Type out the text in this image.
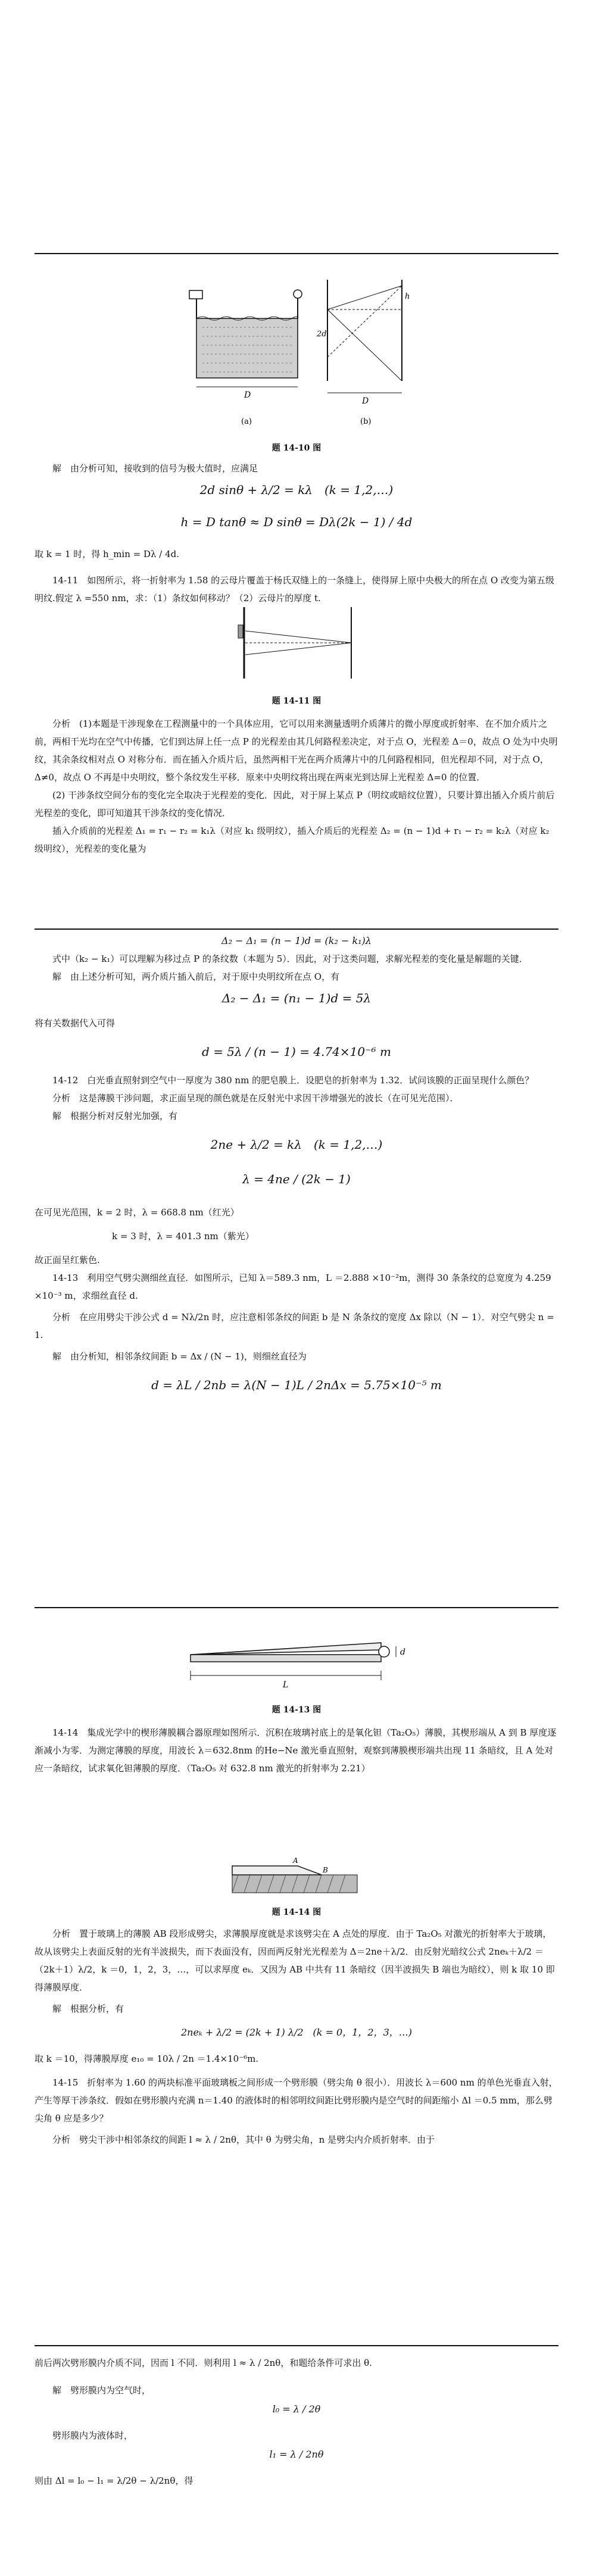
D
(a)
2d
h
D
(b)

题 14-10 图

解　由分析可知，接收到的信号为极大值时，应满足

2d sinθ + λ/2 = kλ　(k = 1,2,…)

h = D tanθ ≈ D sinθ = Dλ(2k − 1) / 4d

取 k = 1 时，得 h_min = Dλ / 4d.

14-11　如图所示，将一折射率为 1.58 的云母片覆盖于杨氏双缝上的一条缝上，使得屏上原中央极大的所在点 O 改变为第五级明纹.假定 λ =550 nm，求：（1）条纹如何移动？（2）云母片的厚度 t.

题 14-11 图

分析　(1)本题是干涉现象在工程测量中的一个具体应用，它可以用来测量透明介质薄片的微小厚度或折射率．在不加介质片之前，两相干光均在空气中传播，它们到达屏上任一点 P 的光程差由其几何路程差决定，对于点 O，光程差 Δ＝0，故点 O 处为中央明纹，其余条纹相对点 O 对称分布．而在插入介质片后，虽然两相干光在两介质薄片中的几何路程相同，但光程却不同，对于点 O，Δ≠0，故点 O 不再是中央明纹，整个条纹发生平移．原来中央明纹将出现在两束光到达屏上光程差 Δ=0 的位置．

(2) 干涉条纹空间分布的变化完全取决于光程差的变化．因此，对于屏上某点 P（明纹或暗纹位置），只要计算出插入介质片前后光程差的变化，即可知道其干涉条纹的变化情况．

插入介质前的光程差 Δ₁ = r₁ − r₂ = k₁λ（对应 k₁ 级明纹），插入介质后的光程差 Δ₂ = (n − 1)d + r₁ − r₂ = k₂λ（对应 k₂ 级明纹），光程差的变化量为

Δ₂ − Δ₁ = (n − 1)d = (k₂ − k₁)λ

式中（k₂ − k₁）可以理解为移过点 P 的条纹数（本题为 5）．因此，对于这类问题，求解光程差的变化量是解题的关键．

解　由上述分析可知，两介质片插入前后，对于原中央明纹所在点 O，有

Δ₂ − Δ₁ = (n₁ − 1)d = 5λ

将有关数据代入可得

d = 5λ / (n − 1) = 4.74×10⁻⁶ m

14-12　白光垂直照射到空气中一厚度为 380 nm 的肥皂膜上．设肥皂的折射率为 1.32．试问该膜的正面呈现什么颜色？

分析　这是薄膜干涉问题，求正面呈现的颜色就是在反射光中求因干涉增强光的波长（在可见光范围）．

解　根据分析对反射光加强，有

2ne + λ/2 = kλ　(k = 1,2,…)

λ = 4ne / (2k − 1)

在可见光范围，k = 2 时，λ = 668.8 nm（红光）

k = 3 时，λ = 401.3 nm（紫光）

故正面呈红紫色.

14-13　利用空气劈尖测细丝直径．如图所示，已知 λ＝589.3 nm，L ＝2.888 ×10⁻²m，测得 30 条条纹的总宽度为 4.259 ×10⁻³ m，求细丝直径 d.

分析　在应用劈尖干涉公式 d = Nλ/2n 时，应注意相邻条纹的间距 b 是 N 条条纹的宽度 Δx 除以（N − 1）．对空气劈尖 n = 1.

解　由分析知，相邻条纹间距 b = Δx / (N − 1)，则细丝直径为

d = λL / 2nb = λ(N − 1)L / 2nΔx = 5.75×10⁻⁵ m

d
L

题 14-13 图

14-14　集成光学中的楔形薄膜耦合器原理如图所示．沉积在玻璃衬底上的是氧化钽（Ta₂O₅）薄膜，其楔形端从 A 到 B 厚度逐渐减小为零．为测定薄膜的厚度，用波长 λ＝632.8nm 的He−Ne 激光垂直照射，观察到薄膜楔形端共出现 11 条暗纹，且 A 处对应一条暗纹，试求氧化钽薄膜的厚度．（Ta₂O₅ 对 632.8 nm 激光的折射率为 2.21）

A
B

题 14-14 图

分析　置于玻璃上的薄膜 AB 段形成劈尖，求薄膜厚度就是求该劈尖在 A 点处的厚度．由于 Ta₂O₅ 对激光的折射率大于玻璃，故从该劈尖上表面反射的光有半波损失，而下表面没有，因而两反射光光程差为 Δ＝2ne＋λ/2．由反射光暗纹公式 2neₖ＋λ/2 ＝（2k＋1）λ/2，k ＝0，1，2，3，…，可以求厚度 eₖ．又因为 AB 中共有 11 条暗纹（因半波损失 B 端也为暗纹），则 k 取 10 即得薄膜厚度．

解　根据分析，有

2neₖ + λ/2 = (2k + 1) λ/2　(k = 0，1，2，3，…)

取 k ＝10，得薄膜厚度 e₁₀ = 10λ / 2n ＝1.4×10⁻⁶m.

14-15　折射率为 1.60 的两块标准平面玻璃板之间形成一个劈形膜（劈尖角 θ 很小）．用波长 λ＝600 nm 的单色光垂直入射，产生等厚干涉条纹．假如在劈形膜内充满 n＝1.40 的液体时的相邻明纹间距比劈形膜内是空气时的间距缩小 Δl ＝0.5 mm，那么劈尖角 θ 应是多少？

分析　劈尖干涉中相邻条纹的间距 l ≈ λ / 2nθ，其中 θ 为劈尖角，n 是劈尖内介质折射率．由于

前后两次劈形膜内介质不同，因而 l 不同．则利用 l ≈ λ / 2nθ，和题给条件可求出 θ.

解　劈形膜内为空气时，

l₀ = λ / 2θ

劈形膜内为液体时，

l₁ = λ / 2nθ

则由 Δl = l₀ − l₁ = λ/2θ − λ/2nθ，得
